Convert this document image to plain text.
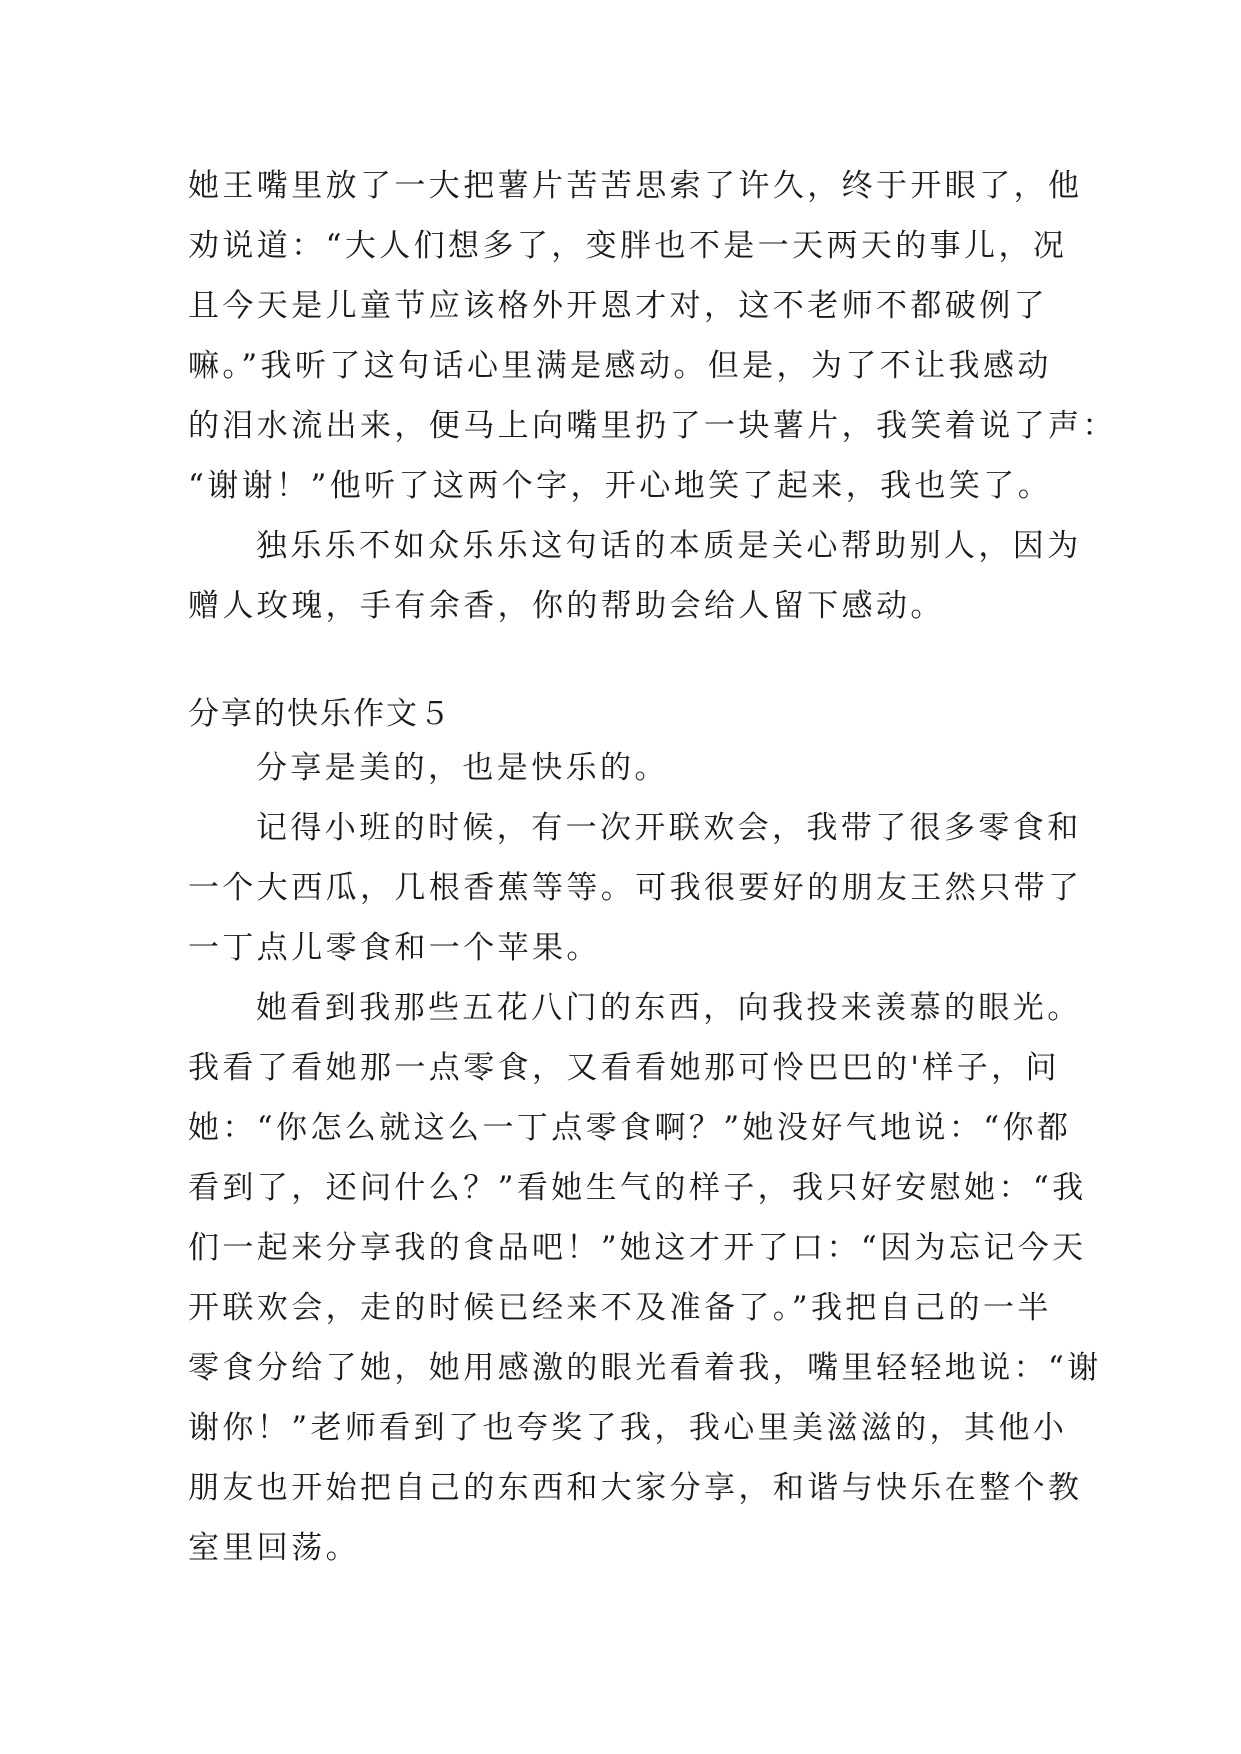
她王嘴里放了一大把薯片苦苦思索了许久，终于开眼了，他
劝说道：“大人们想多了，变胖也不是一天两天的事儿，况
且今天是儿童节应该格外开恩才对，这不老师不都破例了
嘛。”我听了这句话心里满是感动。但是，为了不让我感动
的泪水流出来，便马上向嘴里扔了一块薯片，我笑着说了声：
“谢谢！”他听了这两个字，开心地笑了起来，我也笑了。
独乐乐不如众乐乐这句话的本质是关心帮助别人，因为
赠人玫瑰，手有余香，你的帮助会给人留下感动。
分享的快乐作文５
分享是美的，也是快乐的。
记得小班的时候，有一次开联欢会，我带了很多零食和
一个大西瓜，几根香蕉等等。可我很要好的朋友王然只带了
一丁点儿零食和一个苹果。
她看到我那些五花八门的东西，向我投来羡慕的眼光。
我看了看她那一点零食，又看看她那可怜巴巴的'样子，问
她：“你怎么就这么一丁点零食啊？”她没好气地说：“你都
看到了，还问什么？”看她生气的样子，我只好安慰她：“我
们一起来分享我的食品吧！”她这才开了口：“因为忘记今天
开联欢会，走的时候已经来不及准备了。”我把自己的一半
零食分给了她，她用感激的眼光看着我，嘴里轻轻地说：“谢
谢你！”老师看到了也夸奖了我，我心里美滋滋的，其他小
朋友也开始把自己的东西和大家分享，和谐与快乐在整个教
室里回荡。
